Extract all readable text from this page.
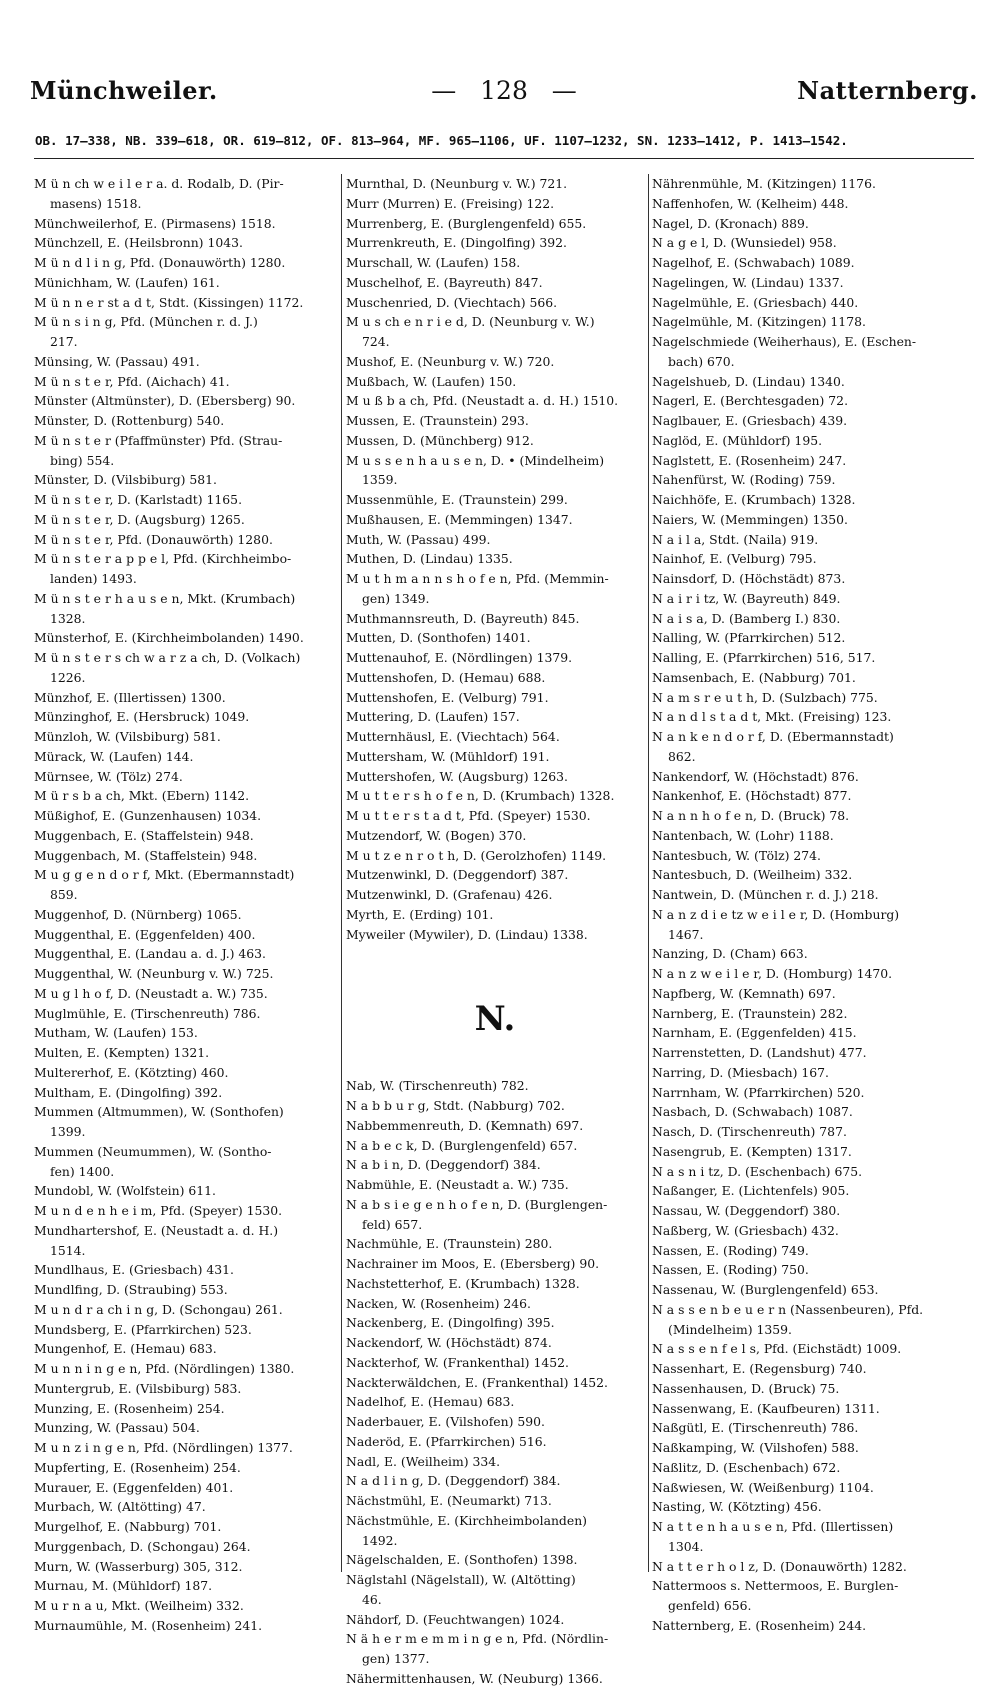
Münchweiler.	— 128 —	Natternberg.
OB. 17—338, NB. 339—618, OR. 619—812, OF. 813—964, MF. 965—1106, UF. 1107—1232, SN. 1233—1412, P. 1413—1542.

M ü n ch w e i l e r a. d. Rodalb, D. (Pir-
masens) 1518.

Münchweilerhof, E. (Pirmasens) 1518.

Münchzell, E. (Heilsbronn) 1043.

M ü n d l i n g, Pfd. (Donauwörth) 1280.

Münichham, W. (Laufen) 161.

M ü n n e r st a d t, Stdt. (Kissingen) 1172.

M ü n s i n g, Pfd. (München r. d. J.)
217.

Münsing, W. (Passau) 491.

M ü n s t e r, Pfd. (Aichach) 41.

Münster (Altmünster), D. (Ebersberg) 90.

Münster, D. (Rottenburg) 540.

M ü n s t e r (Pfaffmünster) Pfd. (Strau-
bing) 554.

Münster, D. (Vilsbiburg) 581.

M ü n s t e r, D. (Karlstadt) 1165.

M ü n s t e r, D. (Augsburg) 1265.

M ü n s t e r, Pfd. (Donauwörth) 1280.

M ü n s t e r a p p e l, Pfd. (Kirchheimbo-
landen) 1493.

M ü n s t e r h a u s e n, Mkt. (Krumbach)
1328.

Münsterhof, E. (Kirchheimbolanden) 1490.

M ü n s t e r s ch w a r z a ch, D. (Volkach)
1226.

Münzhof, E. (Illertissen) 1300.

Münzinghof, E. (Hersbruck) 1049.

Münzloh, W. (Vilsbiburg) 581.

Mürack, W. (Laufen) 144.

Mürnsee, W. (Tölz) 274.

M ü r s b a ch, Mkt. (Ebern) 1142.

Müßighof, E. (Gunzenhausen) 1034.

Muggenbach, E. (Staffelstein) 948.

Muggenbach, M. (Staffelstein) 948.

M u g g e n d o r f, Mkt. (Ebermannstadt)
859.

Muggenhof, D. (Nürnberg) 1065.

Muggenthal, E. (Eggenfelden) 400.

Muggenthal, E. (Landau a. d. J.) 463.

Muggenthal, W. (Neunburg v. W.) 725.

M u g l h o f, D. (Neustadt a. W.) 735.

Muglmühle, E. (Tirschenreuth) 786.

Mutham, W. (Laufen) 153.

Multen, E. (Kempten) 1321.

Multererhof, E. (Kötzting) 460.

Multham, E. (Dingolfing) 392.

Mummen (Altmummen), W. (Sonthofen)
1399.

Mummen (Neumummen), W. (Sontho-
fen) 1400.

Mundobl, W. (Wolfstein) 611.

M u n d e n h e i m, Pfd. (Speyer) 1530.

Mundhartershof, E. (Neustadt a. d. H.)
1514.

Mundlhaus, E. (Griesbach) 431.

Mundlfing, D. (Straubing) 553.

M u n d r a ch i n g, D. (Schongau) 261.

Mundsberg, E. (Pfarrkirchen) 523.

Mungenhof, E. (Hemau) 683.

M u n n i n g e n, Pfd. (Nördlingen) 1380.

Muntergrub, E. (Vilsbiburg) 583.

Munzing, E. (Rosenheim) 254.

Munzing, W. (Passau) 504.

M u n z i n g e n, Pfd. (Nördlingen) 1377.

Mupferting, E. (Rosenheim) 254.

Murauer, E. (Eggenfelden) 401.

Murbach, W. (Altötting) 47.

Murgelhof, E. (Nabburg) 701.

Murggenbach, D. (Schongau) 264.

Murn, W. (Wasserburg) 305, 312.

Murnau, M. (Mühldorf) 187.

M u r n a u, Mkt. (Weilheim) 332.

Murnaumühle, M. (Rosenheim) 241.

Murnthal, D. (Neunburg v. W.) 721.

Murr (Murren) E. (Freising) 122.

Murrenberg, E. (Burglengenfeld) 655.

Murrenkreuth, E. (Dingolfing) 392.

Murschall, W. (Laufen) 158.

Muschelhof, E. (Bayreuth) 847.

Muschenried, D. (Viechtach) 566.

M u s ch e n r i e d, D. (Neunburg v. W.)
724.

Mushof, E. (Neunburg v. W.) 720.

Mußbach, W. (Laufen) 150.

M u ß b a ch, Pfd. (Neustadt a. d. H.) 1510.

Mussen, E. (Traunstein) 293.

Mussen, D. (Münchberg) 912.

M u s s e n h a u s e n, D. • (Mindelheim)
1359.

Mussenmühle, E. (Traunstein) 299.

Mußhausen, E. (Memmingen) 1347.

Muth, W. (Passau) 499.

Muthen, D. (Lindau) 1335.

M u t h m a n n s h o f e n, Pfd. (Memmin-
gen) 1349.

Muthmannsreuth, D. (Bayreuth) 845.

Mutten, D. (Sonthofen) 1401.

Muttenauhof, E. (Nördlingen) 1379.

Muttenshofen, D. (Hemau) 688.

Muttenshofen, E. (Velburg) 791.

Muttering, D. (Laufen) 157.

Mutternhäusl, E. (Viechtach) 564.

Muttersham, W. (Mühldorf) 191.

Muttershofen, W. (Augsburg) 1263.

M u t t e r s h o f e n, D. (Krumbach) 1328.

M u t t e r s t a d t, Pfd. (Speyer) 1530.

Mutzendorf, W. (Bogen) 370.

M u t z e n r o t h, D. (Gerolzhofen) 1149.

Mutzenwinkl, D. (Deggendorf) 387.

Mutzenwinkl, D. (Grafenau) 426.

Myrth, E. (Erding) 101.

Myweiler (Mywiler), D. (Lindau) 1338.

N.

Nab, W. (Tirschenreuth) 782.

N a b b u r g, Stdt. (Nabburg) 702.

Nabbemmenreuth, D. (Kemnath) 697.

N a b e c k, D. (Burglengenfeld) 657.

N a b i n, D. (Deggendorf) 384.

Nabmühle, E. (Neustadt a. W.) 735.

N a b s i e g e n h o f e n, D. (Burglengen-
feld) 657.

Nachmühle, E. (Traunstein) 280.

Nachrainer im Moos, E. (Ebersberg) 90.

Nachstetterhof, E. (Krumbach) 1328.

Nacken, W. (Rosenheim) 246.

Nackenberg, E. (Dingolfing) 395.

Nackendorf, W. (Höchstädt) 874.

Nackterhof, W. (Frankenthal) 1452.

Nackterwäldchen, E. (Frankenthal) 1452.

Nadelhof, E. (Hemau) 683.

Naderbauer, E. (Vilshofen) 590.

Naderöd, E. (Pfarrkirchen) 516.

Nadl, E. (Weilheim) 334.

N a d l i n g, D. (Deggendorf) 384.

Nächstmühl, E. (Neumarkt) 713.

Nächstmühle, E. (Kirchheimbolanden)
1492.

Nägelschalden, E. (Sonthofen) 1398.

Näglstahl (Nägelstall), W. (Altötting)
46.

Nähdorf, D. (Feuchtwangen) 1024.

N ä h e r m e m m i n g e n, Pfd. (Nördlin-
gen) 1377.

Nähermittenhausen, W. (Neuburg) 1366.

Nährenmühle, M. (Kitzingen) 1176.

Naffenhofen, W. (Kelheim) 448.

Nagel, D. (Kronach) 889.

N a g e l, D. (Wunsiedel) 958.

Nagelhof, E. (Schwabach) 1089.

Nagelingen, W. (Lindau) 1337.

Nagelmühle, E. (Griesbach) 440.

Nagelmühle, M. (Kitzingen) 1178.

Nagelschmiede (Weiherhaus), E. (Eschen-
bach) 670.

Nagelshueb, D. (Lindau) 1340.

Nagerl, E. (Berchtesgaden) 72.

Naglbauer, E. (Griesbach) 439.

Naglöd, E. (Mühldorf) 195.

Naglstett, E. (Rosenheim) 247.

Nahenfürst, W. (Roding) 759.

Naichhöfe, E. (Krumbach) 1328.

Naiers, W. (Memmingen) 1350.

N a i l a, Stdt. (Naila) 919.

Nainhof, E. (Velburg) 795.

Nainsdorf, D. (Höchstädt) 873.

N a i r i tz, W. (Bayreuth) 849.

N a i s a, D. (Bamberg I.) 830.

Nalling, W. (Pfarrkirchen) 512.

Nalling, E. (Pfarrkirchen) 516, 517.

Namsenbach, E. (Nabburg) 701.

N a m s r e u t h, D. (Sulzbach) 775.

N a n d l s t a d t, Mkt. (Freising) 123.

N a n k e n d o r f, D. (Ebermannstadt)
862.

Nankendorf, W. (Höchstadt) 876.

Nankenhof, E. (Höchstadt) 877.

N a n n h o f e n, D. (Bruck) 78.

Nantenbach, W. (Lohr) 1188.

Nantesbuch, W. (Tölz) 274.

Nantesbuch, D. (Weilheim) 332.

Nantwein, D. (München r. d. J.) 218.

N a n z d i e tz w e i l e r, D. (Homburg)
1467.

Nanzing, D. (Cham) 663.

N a n z w e i l e r, D. (Homburg) 1470.

Napfberg, W. (Kemnath) 697.

Narnberg, E. (Traunstein) 282.

Narnham, E. (Eggenfelden) 415.

Narrenstetten, D. (Landshut) 477.

Narring, D. (Miesbach) 167.

Narrnham, W. (Pfarrkirchen) 520.

Nasbach, D. (Schwabach) 1087.

Nasch, D. (Tirschenreuth) 787.

Nasengrub, E. (Kempten) 1317.

N a s n i tz, D. (Eschenbach) 675.

Naßanger, E. (Lichtenfels) 905.

Nassau, W. (Deggendorf) 380.

Naßberg, W. (Griesbach) 432.

Nassen, E. (Roding) 749.

Nassen, E. (Roding) 750.

Nassenau, W. (Burglengenfeld) 653.

N a s s e n b e u e r n (Nassenbeuren), Pfd.
(Mindelheim) 1359.

N a s s e n f e l s, Pfd. (Eichstädt) 1009.

Nassenhart, E. (Regensburg) 740.

Nassenhausen, D. (Bruck) 75.

Nassenwang, E. (Kaufbeuren) 1311.

Naßgütl, E. (Tirschenreuth) 786.

Naßkamping, W. (Vilshofen) 588.

Naßlitz, D. (Eschenbach) 672.

Naßwiesen, W. (Weißenburg) 1104.

Nasting, W. (Kötzting) 456.

N a t t e n h a u s e n, Pfd. (Illertissen)
1304.

N a t t e r h o l z, D. (Donauwörth) 1282.

Nattermoos s. Nettermoos, E. Burglen-
genfeld) 656.

Natternberg, E. (Rosenheim) 244.
